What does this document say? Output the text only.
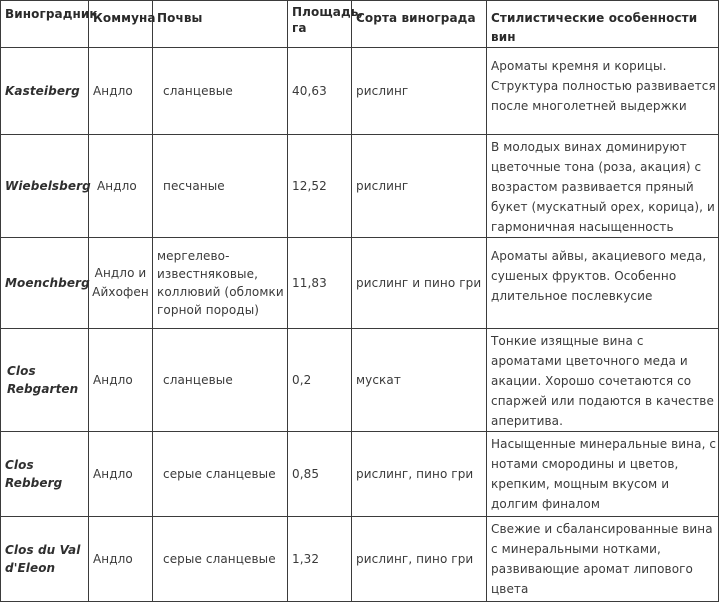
Виноградник	Коммуна	Почвы	Площадь, га	Сорта винограда	Стилистические особенности вин
Kasteiberg	Андло	сланцевые	40,63	рислинг	Ароматы кремня и корицы. Структура полностью развивается после многолетней выдержки
Wiebelsberg	Андло	песчаные	12,52	рислинг	В молодых винах доминируют цветочные тона (роза, акация) с возрастом развивается пряный букет (мускатный орех, корица), и гармоничная насыщенность
Moenchberg	Андло и Айхофен	мергелево-известняковые, коллювий (обломки горной породы)	11,83	рислинг и пино гри	Ароматы айвы, акациевого меда, сушеных фруктов. Особенно длительное послевкусие
Clos Rebgarten	Андло	сланцевые	0,2	мускат	Тонкие изящные вина с ароматами цветочного меда и акации. Хорошо сочетаются со спаржей или подаются в качестве аперитива.
Clos Rebberg	Андло	серые сланцевые	0,85	рислинг, пино гри	Насыщенные минеральные вина, с нотами смородины и цветов, крепким, мощным вкусом и долгим финалом
Clos du Val d'Eleon	Андло	серые сланцевые	1,32	рислинг, пино гри	Свежие и сбалансированные вина с минеральными нотками, развивающие аромат липового цвета
